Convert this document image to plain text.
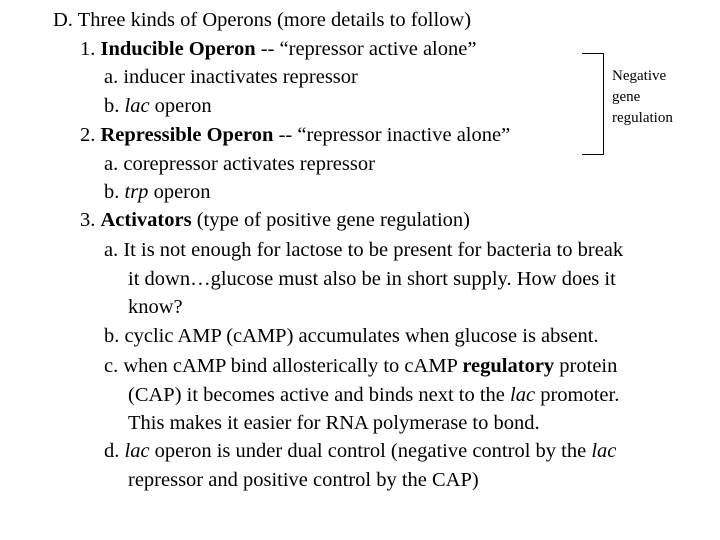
D. Three kinds of Operons (more details to follow)
1. Inducible Operon -- “repressor active alone”
a. inducer inactivates repressor
b. lac operon
2. Repressible Operon -- “repressor inactive alone”
a. corepressor activates repressor
b. trp operon
3. Activators (type of positive gene regulation)
a. It is not enough for lactose to be present for bacteria to break
it down…glucose must also be in short supply. How does it
know?
b. cyclic AMP (cAMP) accumulates when glucose is absent.
c. when cAMP bind allosterically to cAMP regulatory protein
(CAP) it becomes active and binds next to the lac promoter.
This makes it easier for RNA polymerase to bond.
d. lac operon is under dual control (negative control by the lac
repressor and positive control by the CAP)
Negative
gene
regulation
